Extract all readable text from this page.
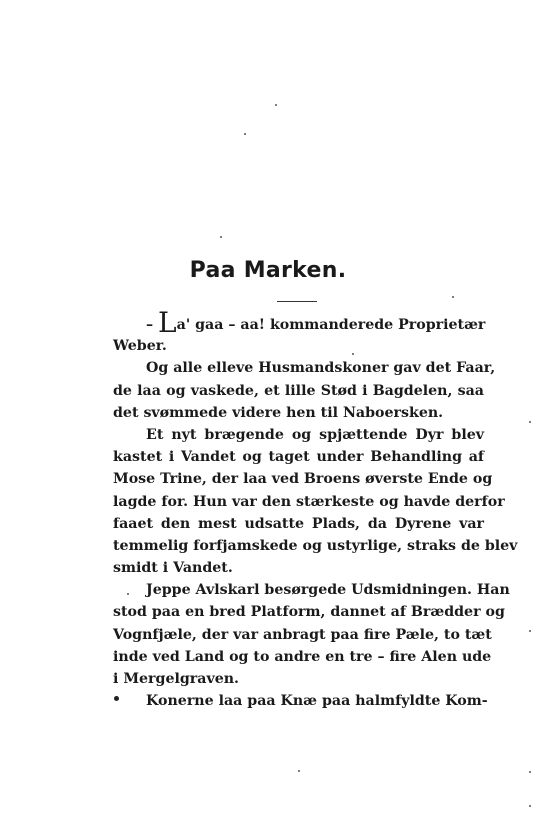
Paa Marken.
– La' gaa – aa! kommanderede Proprietær
Weber.
Og alle elleve Husmandskoner gav det Faar,
de laa og vaskede, et lille Stød i Bagdelen, saa
det svømmede videre hen til Naboersken.
Et nyt brægende og spjættende Dyr blev
kastet i Vandet og taget under Behandling af
Mose Trine, der laa ved Broens øverste Ende og
lagde for. Hun var den stærkeste og havde derfor
faaet den mest udsatte Plads, da Dyrene var
temmelig forfjamskede og ustyrlige, straks de blev
smidt i Vandet.
Jeppe Avlskarl besørgede Udsmidningen. Han
stod paa en bred Platform, dannet af Brædder og
Vognfjæle, der var anbragt paa fire Pæle, to tæt
inde ved Land og to andre en tre – fire Alen ude
i Mergelgraven.
Konerne laa paa Knæ paa halmfyldte Kom-
